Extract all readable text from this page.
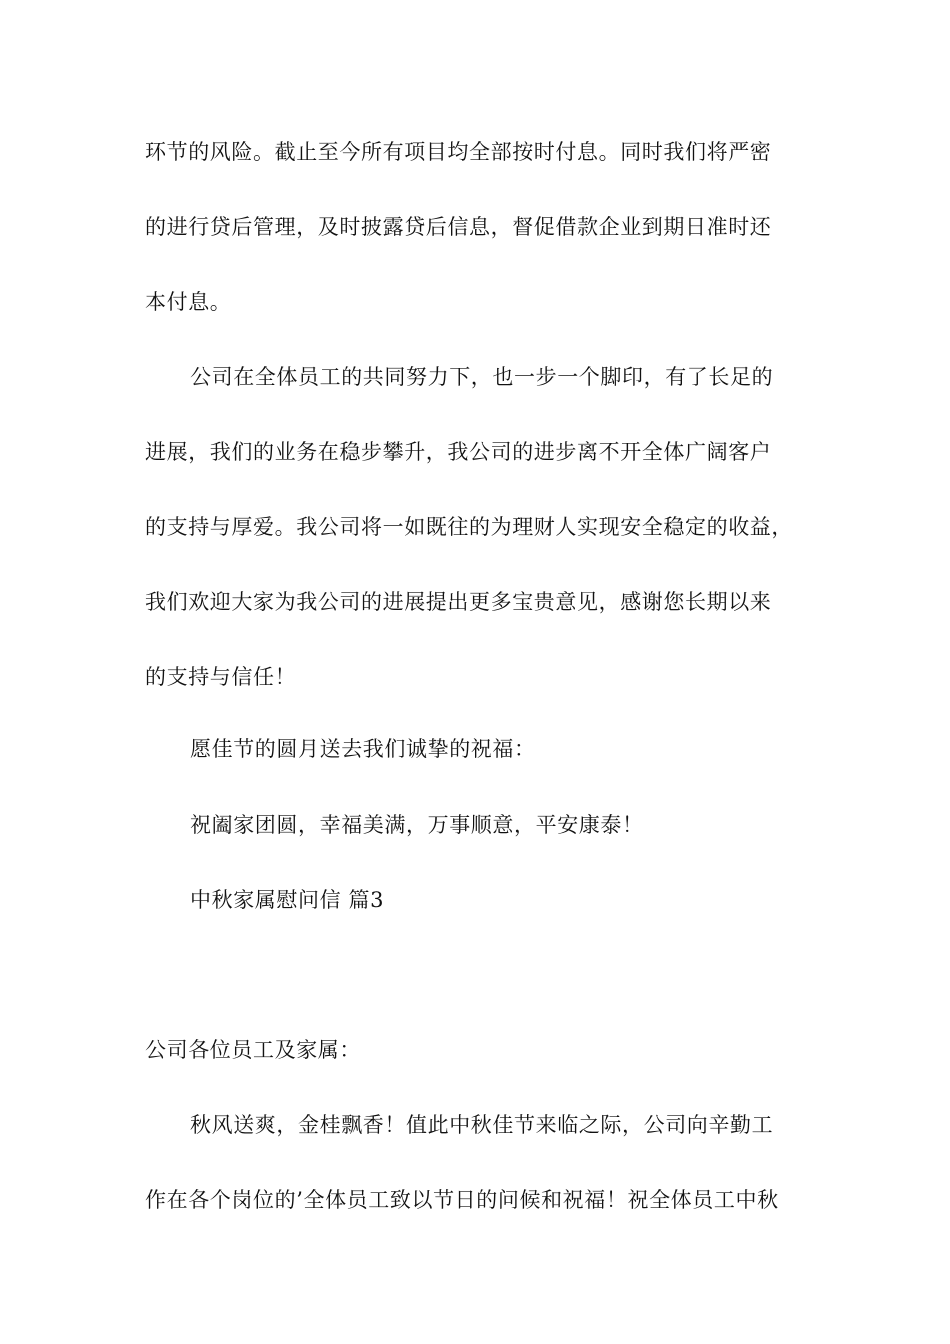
环节的风险。截止至今所有项目均全部按时付息。同时我们将严密
的进行贷后管理，及时披露贷后信息，督促借款企业到期日准时还
本付息。
公司在全体员工的共同努力下，也一步一个脚印，有了长足的
进展，我们的业务在稳步攀升，我公司的进步离不开全体广阔客户
的支持与厚爱。我公司将一如既往的为理财人实现安全稳定的收益，
我们欢迎大家为我公司的进展提出更多宝贵意见，感谢您长期以来
的支持与信任！
愿佳节的圆月送去我们诚挚的祝福：
祝阖家团圆，幸福美满，万事顺意，平安康泰！
中秋家属慰问信 篇3
公司各位员工及家属：
秋风送爽，金桂飘香！值此中秋佳节来临之际，公司向辛勤工
作在各个岗位的’全体员工致以节日的问候和祝福！祝全体员工中秋
